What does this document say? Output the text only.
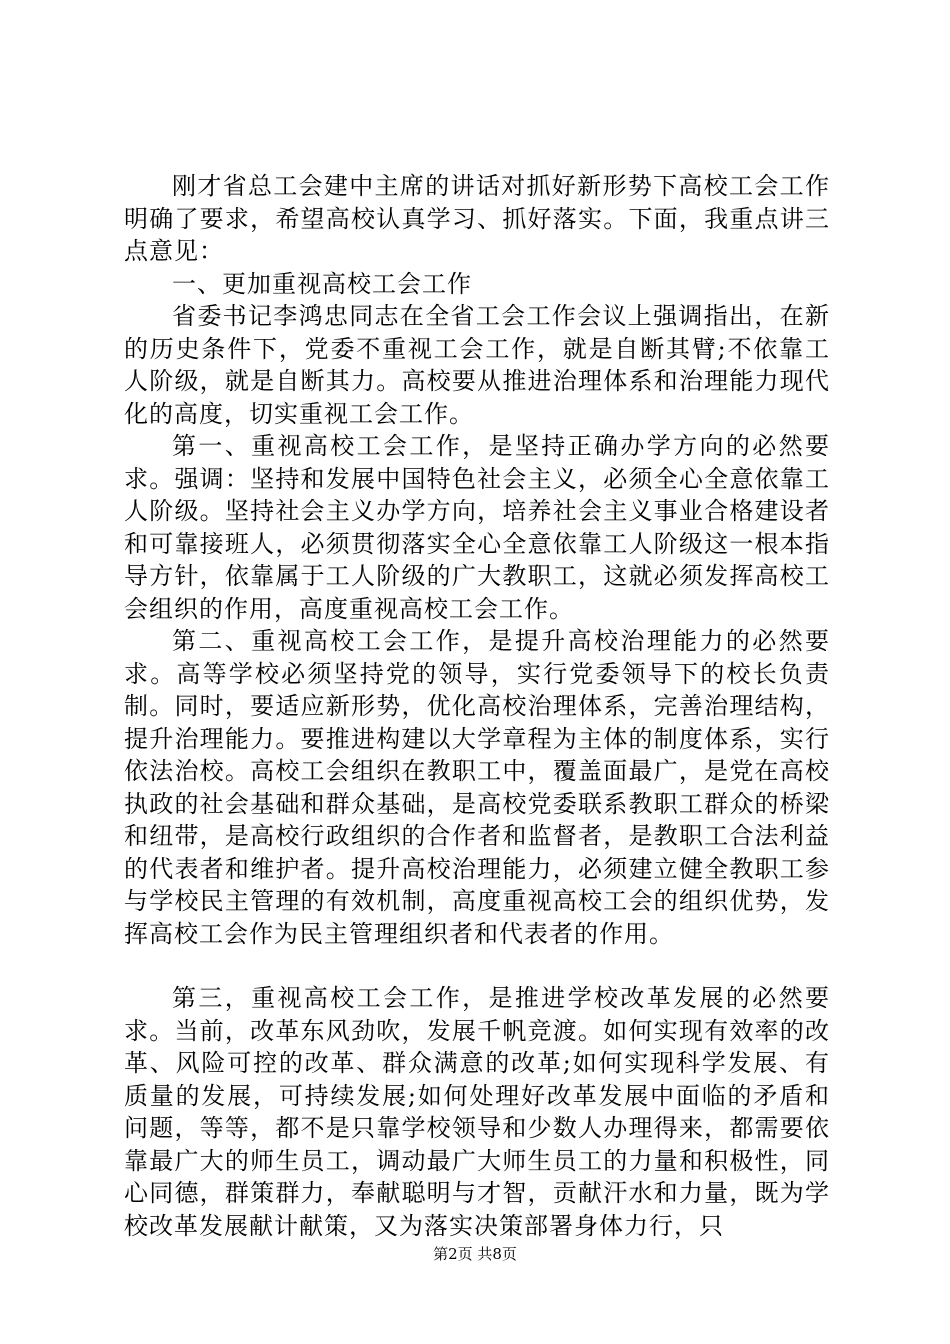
刚才省总工会建中主席的讲话对抓好新形势下高校工会工作明确了要求，希望高校认真学习、抓好落实。下面，我重点讲三点意见：

一、更加重视高校工会工作

省委书记李鸿忠同志在全省工会工作会议上强调指出，在新的历史条件下，党委不重视工会工作，就是自断其臂;不依靠工人阶级，就是自断其力。高校要从推进治理体系和治理能力现代化的高度，切实重视工会工作。

第一、重视高校工会工作，是坚持正确办学方向的必然要求。强调：坚持和发展中国特色社会主义，必须全心全意依靠工人阶级。坚持社会主义办学方向，培养社会主义事业合格建设者和可靠接班人，必须贯彻落实全心全意依靠工人阶级这一根本指导方针，依靠属于工人阶级的广大教职工，这就必须发挥高校工会组织的作用，高度重视高校工会工作。

第二、重视高校工会工作，是提升高校治理能力的必然要求。高等学校必须坚持党的领导，实行党委领导下的校长负责制。同时，要适应新形势，优化高校治理体系，完善治理结构，提升治理能力。要推进构建以大学章程为主体的制度体系，实行依法治校。高校工会组织在教职工中，覆盖面最广，是党在高校执政的社会基础和群众基础，是高校党委联系教职工群众的桥梁和纽带，是高校行政组织的合作者和监督者，是教职工合法利益的代表者和维护者。提升高校治理能力，必须建立健全教职工参与学校民主管理的有效机制，高度重视高校工会的组织优势，发挥高校工会作为民主管理组织者和代表者的作用。

第三，重视高校工会工作，是推进学校改革发展的必然要求。当前，改革东风劲吹，发展千帆竞渡。如何实现有效率的改革、风险可控的改革、群众满意的改革;如何实现科学发展、有质量的发展，可持续发展;如何处理好改革发展中面临的矛盾和问题，等等，都不是只靠学校领导和少数人办理得来，都需要依靠最广大的师生员工，调动最广大师生员工的力量和积极性，同心同德，群策群力，奉献聪明与才智，贡献汗水和力量，既为学校改革发展献计献策，又为落实决策部署身体力行，只

第2页 共8页
